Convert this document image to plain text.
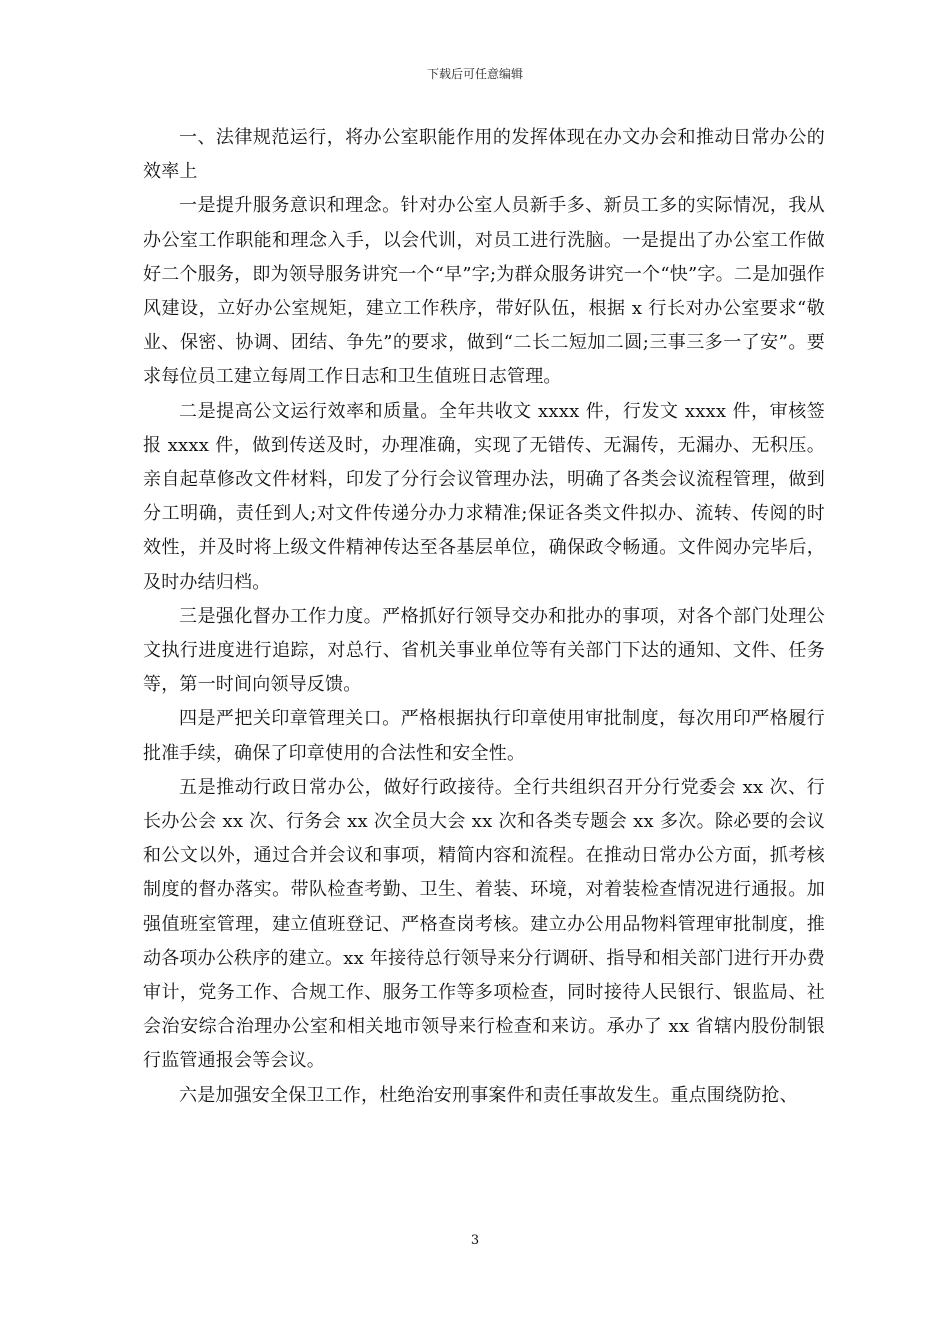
下载后可任意编辑

一、法律规范运行，将办公室职能作用的发挥体现在办文办会和推动日常办公的效率上

一是提升服务意识和理念。针对办公室人员新手多、新员工多的实际情况，我从办公室工作职能和理念入手，以会代训，对员工进行洗脑。一是提出了办公室工作做好二个服务，即为领导服务讲究一个“早”字;为群众服务讲究一个“快”字。二是加强作风建设，立好办公室规矩，建立工作秩序，带好队伍，根据 x 行长对办公室要求“敬业、保密、协调、团结、争先”的要求，做到“二长二短加二圆;三事三多一了安”。要求每位员工建立每周工作日志和卫生值班日志管理。

二是提高公文运行效率和质量。全年共收文 xxxx 件，行发文 xxxx 件，审核签报 xxxx 件，做到传送及时，办理准确，实现了无错传、无漏传，无漏办、无积压。亲自起草修改文件材料，印发了分行会议管理办法，明确了各类会议流程管理，做到分工明确，责任到人;对文件传递分办力求精准;保证各类文件拟办、流转、传阅的时效性，并及时将上级文件精神传达至各基层单位，确保政令畅通。文件阅办完毕后，及时办结归档。

三是强化督办工作力度。严格抓好行领导交办和批办的事项，对各个部门处理公文执行进度进行追踪，对总行、省机关事业单位等有关部门下达的通知、文件、任务等，第一时间向领导反馈。

四是严把关印章管理关口。严格根据执行印章使用审批制度，每次用印严格履行批准手续，确保了印章使用的合法性和安全性。

五是推动行政日常办公，做好行政接待。全行共组织召开分行党委会 xx 次、行长办公会 xx 次、行务会 xx 次全员大会 xx 次和各类专题会 xx 多次。除必要的会议和公文以外，通过合并会议和事项，精简内容和流程。在推动日常办公方面，抓考核制度的督办落实。带队检查考勤、卫生、着装、环境，对着装检查情况进行通报。加强值班室管理，建立值班登记、严格查岗考核。建立办公用品物料管理审批制度，推动各项办公秩序的建立。xx 年接待总行领导来分行调研、指导和相关部门进行开办费审计，党务工作、合规工作、服务工作等多项检查，同时接待人民银行、银监局、社会治安综合治理办公室和相关地市领导来行检查和来访。承办了 xx 省辖内股份制银行监管通报会等会议。

六是加强安全保卫工作，杜绝治安刑事案件和责任事故发生。重点围绕防抢、

3
